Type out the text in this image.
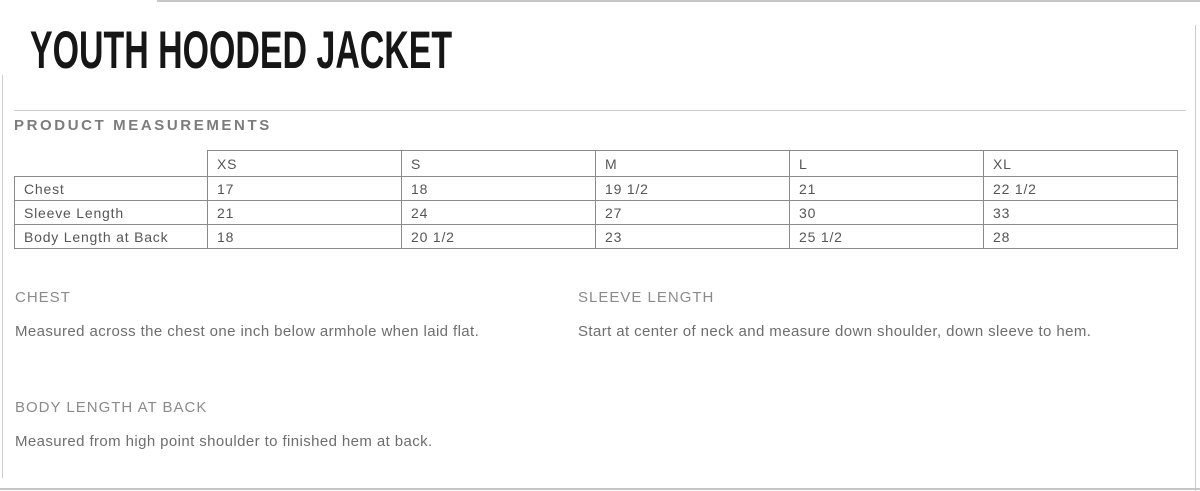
YOUTH HOODED JACKET
PRODUCT MEASUREMENTS
	XS	S	M	L	XL
Chest	17	18	19 1/2	21	22 1/2
Sleeve Length	21	24	27	30	33
Body Length at Back	18	20 1/2	23	25 1/2	28
CHEST
Measured across the chest one inch below armhole when laid flat.
SLEEVE LENGTH
Start at center of neck and measure down shoulder, down sleeve to hem.
BODY LENGTH AT BACK
Measured from high point shoulder to finished hem at back.
